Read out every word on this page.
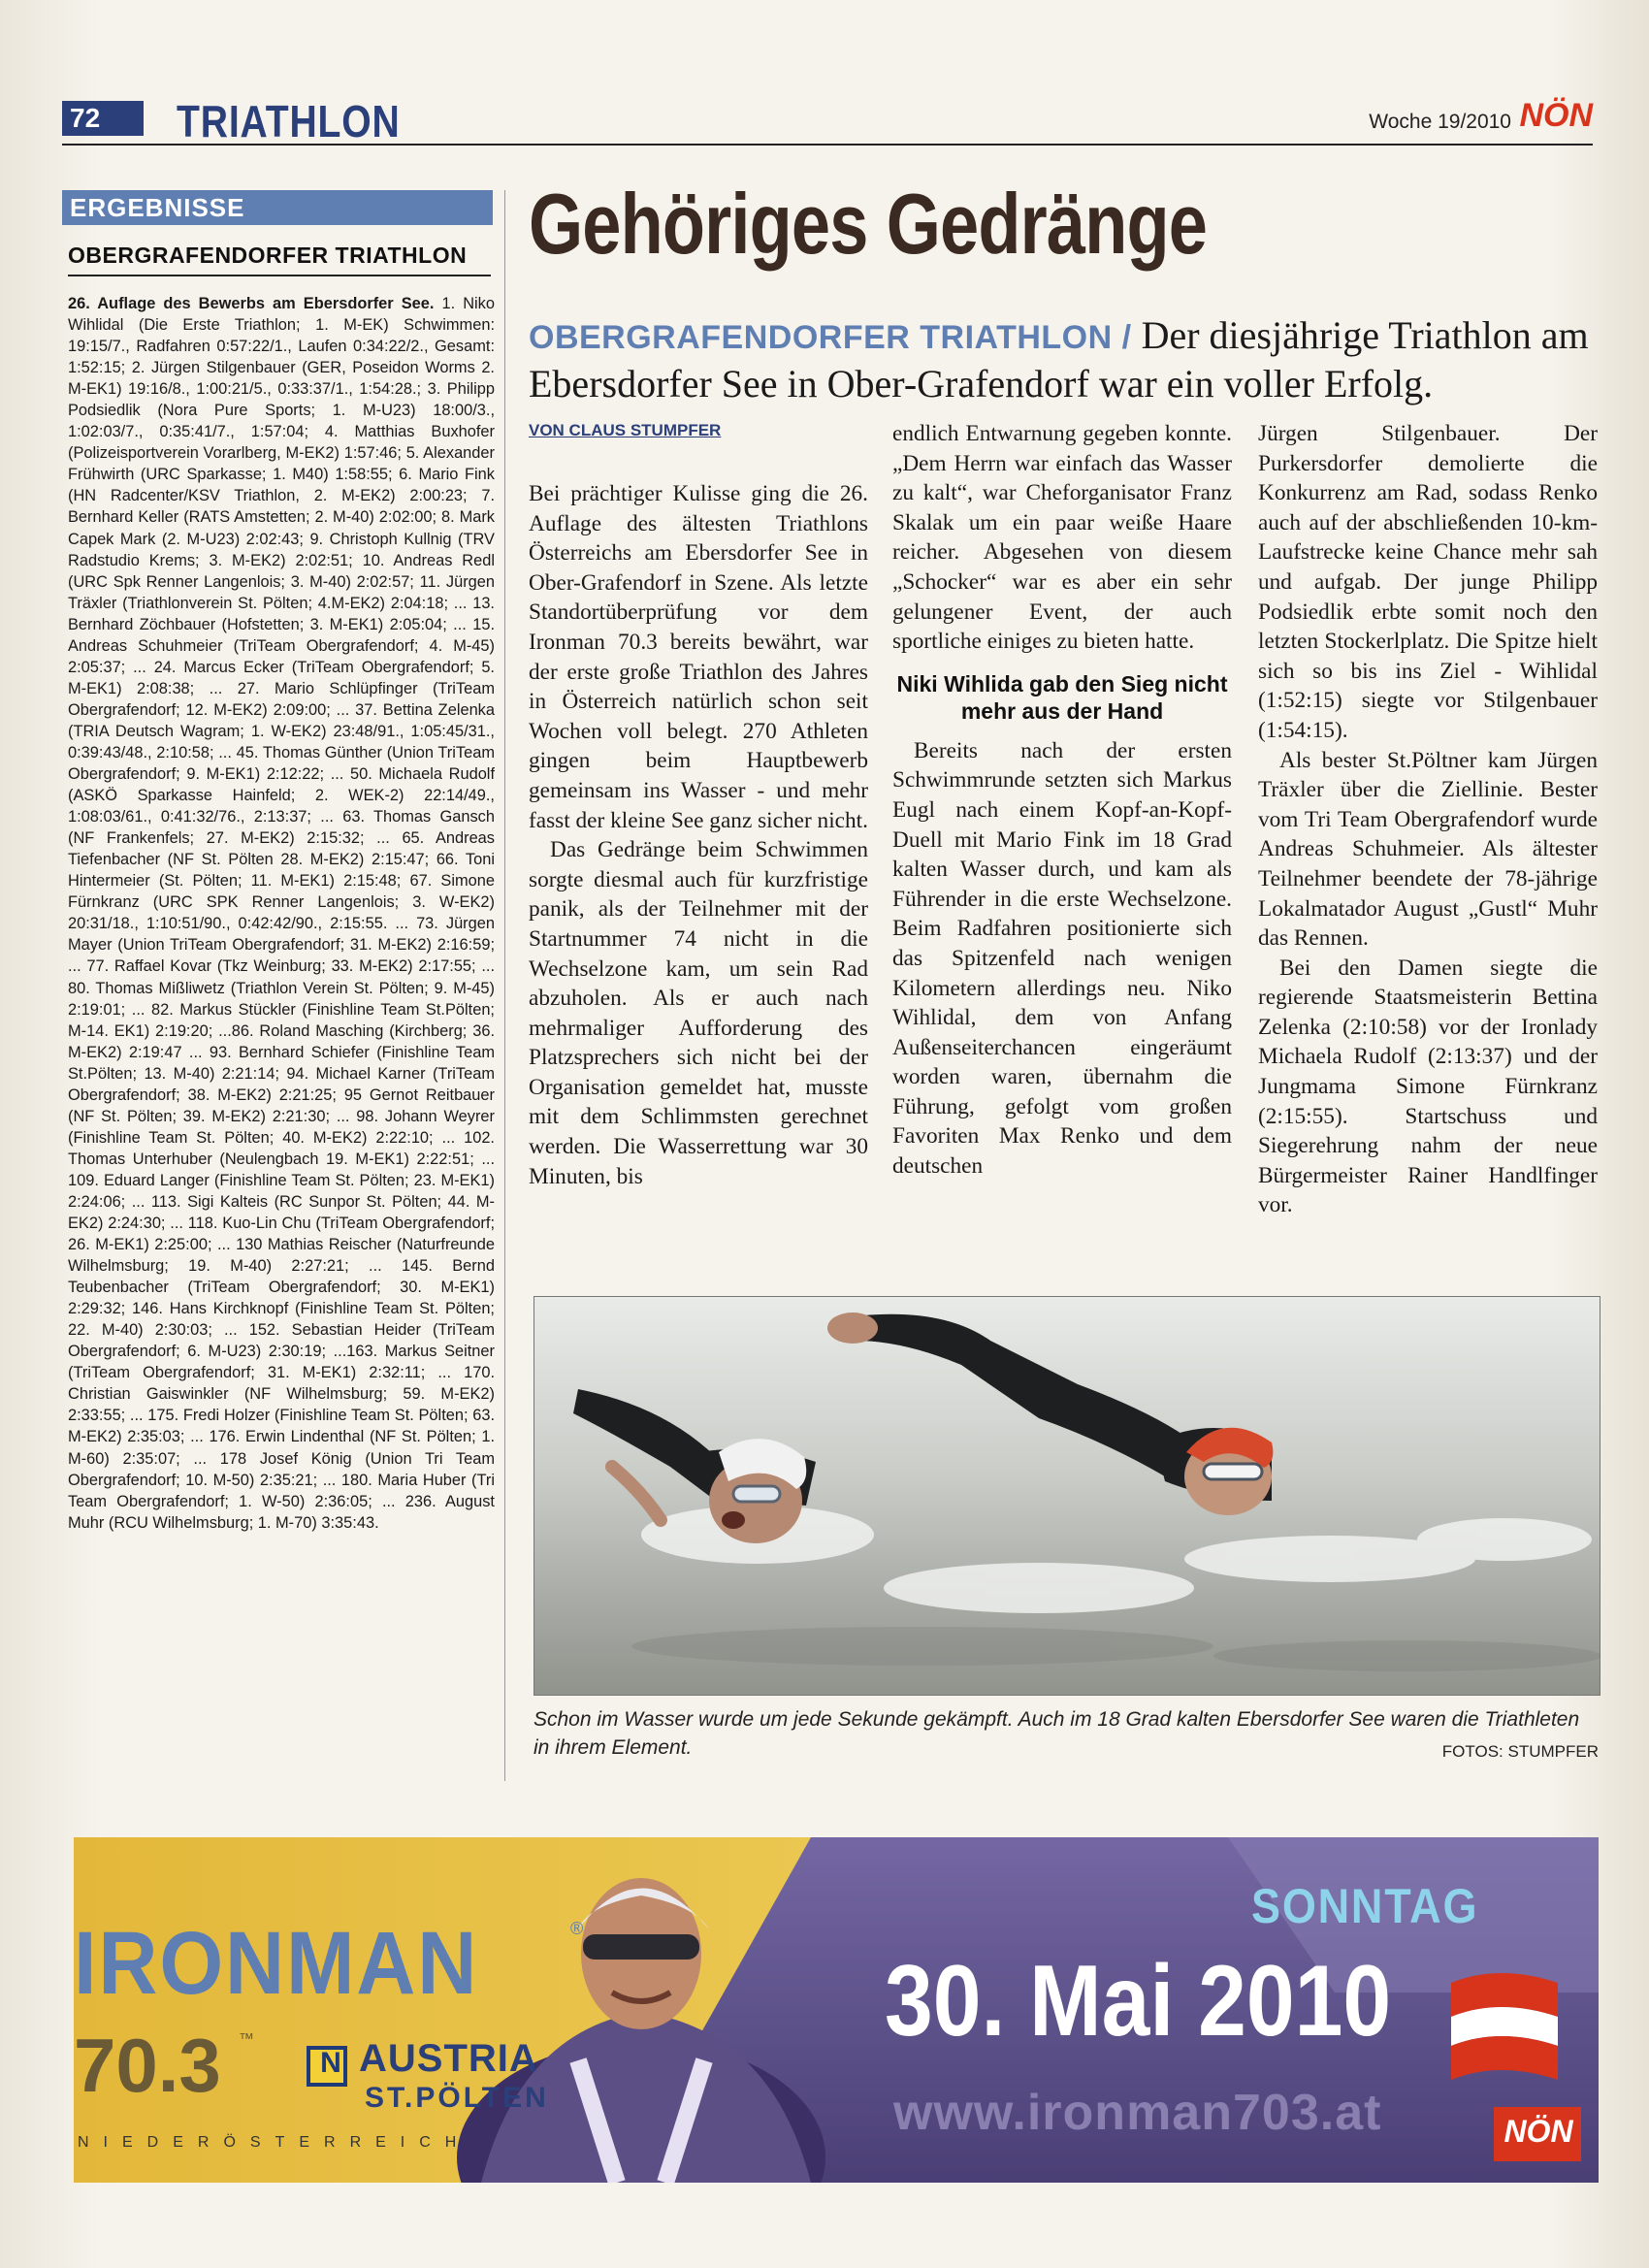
72	TRIATHLON	Woche 19/2010 NÖN
ERGEBNISSE
OBERGRAFENDORFER TRIATHLON
26. Auflage des Bewerbs am Ebersdorfer See. 1. Niko Wihlidal (Die Erste Triathlon; 1. M-EK) Schwimmen: 19:15/7., Radfahren 0:57:22/1., Laufen 0:34:22/2., Gesamt: 1:52:15; 2. Jürgen Stilgenbauer (GER, Poseidon Worms 2. M-EK1) 19:16/8., 1:00:21/5., 0:33:37/1., 1:54:28.; 3. Philipp Podsiedlik (Nora Pure Sports; 1. M-U23) 18:00/3., 1:02:03/7., 0:35:41/7., 1:57:04; 4. Matthias Buxhofer (Polizeisportverein Vorarlberg, M-EK2) 1:57:46; 5. Alexander Frühwirth (URC Sparkasse; 1. M40) 1:58:55; 6. Mario Fink (HN Radcenter/KSV Triathlon, 2. M-EK2) 2:00:23; 7. Bernhard Keller (RATS Amstetten; 2. M-40) 2:02:00; 8. Mark Capek Mark (2. M-U23) 2:02:43; 9. Christoph Kullnig (TRV Radstudio Krems; 3. M-EK2) 2:02:51; 10. Andreas Redl (URC Spk Renner Langenlois; 3. M-40) 2:02:57; 11. Jürgen Träxler (Triathlonverein St. Pölten; 4.M-EK2) 2:04:18; ... 13. Bernhard Zöchbauer (Hofstetten; 3. M-EK1) 2:05:04; ... 15. Andreas Schuhmeier (TriTeam Obergrafendorf; 4. M-45) 2:05:37; ... 24. Marcus Ecker (TriTeam Obergrafendorf; 5. M-EK1) 2:08:38; ... 27. Mario Schlüpfinger (TriTeam Obergrafendorf; 12. M-EK2) 2:09:00; ... 37. Bettina Zelenka (TRIA Deutsch Wagram; 1. W-EK2) 23:48/91., 1:05:45/31., 0:39:43/48., 2:10:58; ... 45. Thomas Günther (Union TriTeam Obergrafendorf; 9. M-EK1) 2:12:22; ... 50. Michaela Rudolf (ASKÖ Sparkasse Hainfeld; 2. WEK-2) 22:14/49., 1:08:03/61., 0:41:32/76., 2:13:37; ... 63. Thomas Gansch (NF Frankenfels; 27. M-EK2) 2:15:32; ... 65. Andreas Tiefenbacher (NF St. Pölten 28. M-EK2) 2:15:47; 66. Toni Hintermeier (St. Pölten; 11. M-EK1) 2:15:48; 67. Simone Fürnkranz (URC SPK Renner Langenlois; 3. W-EK2) 20:31/18., 1:10:51/90., 0:42:42/90., 2:15:55. ... 73. Jürgen Mayer (Union TriTeam Obergrafendorf; 31. M-EK2) 2:16:59; ... 77. Raffael Kovar (Tkz Weinburg; 33. M-EK2) 2:17:55; ... 80. Thomas Mißliwetz (Triathlon Verein St. Pölten; 9. M-45) 2:19:01; ... 82. Markus Stückler (Finishline Team St.Pölten; M-14. EK1) 2:19:20; ...86. Roland Masching (Kirchberg; 36. M-EK2) 2:19:47 ... 93. Bernhard Schiefer (Finishline Team St.Pölten; 13. M-40) 2:21:14; 94. Michael Karner (TriTeam Obergrafendorf; 38. M-EK2) 2:21:25; 95 Gernot Reitbauer (NF St. Pölten; 39. M-EK2) 2:21:30; ... 98. Johann Weyrer (Finishline Team St. Pölten; 40. M-EK2) 2:22:10; ... 102. Thomas Unterhuber (Neulengbach 19. M-EK1) 2:22:51; ... 109. Eduard Langer (Finishline Team St. Pölten; 23. M-EK1) 2:24:06; ... 113. Sigi Kalteis (RC Sunpor St. Pölten; 44. M-EK2) 2:24:30; ... 118. Kuo-Lin Chu (TriTeam Obergrafendorf; 26. M-EK1) 2:25:00; ... 130 Mathias Reischer (Naturfreunde Wilhelmsburg; 19. M-40) 2:27:21; ... 145. Bernd Teubenbacher (TriTeam Obergrafendorf; 30. M-EK1) 2:29:32; 146. Hans Kirchknopf (Finishline Team St. Pölten; 22. M-40) 2:30:03; ... 152. Sebastian Heider (TriTeam Obergrafendorf; 6. M-U23) 2:30:19; ...163. Markus Seitner (TriTeam Obergrafendorf; 31. M-EK1) 2:32:11; ... 170. Christian Gaiswinkler (NF Wilhelmsburg; 59. M-EK2) 2:33:55; ... 175. Fredi Holzer (Finishline Team St. Pölten; 63. M-EK2) 2:35:03; ... 176. Erwin Lindenthal (NF St. Pölten; 1. M-60) 2:35:07; ... 178 Josef König (Union Tri Team Obergrafendorf; 10. M-50) 2:35:21; ... 180. Maria Huber (Tri Team Obergrafendorf; 1. W-50) 2:36:05; ... 236. August Muhr (RCU Wilhelmsburg; 1. M-70) 3:35:43.
Gehöriges Gedränge
OBERGRAFENDORFER TRIATHLON / Der diesjährige Triathlon am Ebersdorfer See in Ober-Grafendorf war ein voller Erfolg.
VON CLAUS STUMPFER

Bei prächtiger Kulisse ging die 26. Auflage des ältesten Triathlons Österreichs am Ebersdorfer See in Ober-Grafendorf in Szene. Als letzte Standortüberprüfung vor dem Ironman 70.3 bereits bewährt, war der erste große Triathlon des Jahres in Österreich natürlich schon seit Wochen voll belegt. 270 Athleten gingen beim Hauptbewerb gemeinsam ins Wasser - und mehr fasst der kleine See ganz sicher nicht.

Das Gedränge beim Schwimmen sorgte diesmal auch für kurzfristige panik, als der Teilnehmer mit der Startnummer 74 nicht in die Wechselzone kam, um sein Rad abzuholen. Als er auch nach mehrmaliger Aufforderung des Platzsprechers sich nicht bei der Organisation gemeldet hat, musste mit dem Schlimmsten gerechnet werden. Die Wasserrettung war 30 Minuten, bis

endlich Entwarnung gegeben konnte. „Dem Herrn war einfach das Wasser zu kalt“, war Cheforganisator Franz Skalak um ein paar weiße Haare reicher. Abgesehen von diesem „Schocker“ war es aber ein sehr gelungener Event, der auch sportliche einiges zu bieten hatte.

Niki Wihlida gab den Sieg nicht mehr aus der Hand

Bereits nach der ersten Schwimmrunde setzten sich Markus Eugl nach einem Kopf-an-Kopf-Duell mit Mario Fink im 18 Grad kalten Wasser durch, und kam als Führender in die erste Wechselzone. Beim Radfahren positionierte sich das Spitzenfeld nach wenigen Kilometern allerdings neu. Niko Wihlidal, dem von Anfang Außenseiterchancen eingeräumt worden waren, übernahm die Führung, gefolgt vom großen Favoriten Max Renko und dem deutschen

Jürgen Stilgenbauer. Der Purkersdorfer demolierte die Konkurrenz am Rad, sodass Renko auch auf der abschließenden 10-km-Laufstrecke keine Chance mehr sah und aufgab. Der junge Philipp Podsiedlik erbte somit noch den letzten Stockerlplatz. Die Spitze hielt sich so bis ins Ziel - Wihlidal (1:52:15) siegte vor Stilgenbauer (1:54:15).

Als bester St.Pöltner kam Jürgen Träxler über die Ziellinie. Bester vom Tri Team Obergrafendorf wurde Andreas Schuhmeier. Als ältester Teilnehmer beendete der 78-jährige Lokalmatador August „Gustl“ Muhr das Rennen.

Bei den Damen siegte die regierende Staatsmeisterin Bettina Zelenka (2:10:58) vor der Ironlady Michaela Rudolf (2:13:37) und der Jungmama Simone Fürnkranz (2:15:55). Startschuss und Siegerehrung nahm der neue Bürgermeister Rainer Handlfinger vor.

Schon im Wasser wurde um jede Sekunde gekämpft. Auch im 18 Grad kalten Ebersdorfer See waren die Triathleten in ihrem Element.	FOTOS: STUMPFER
IRONMAN	®
70.3 ™
N AUSTRIA
ST.PÖLTEN
NIEDERÖSTERREICH
SONNTAG
30. Mai 2010
www.ironman703.at	NÖN
